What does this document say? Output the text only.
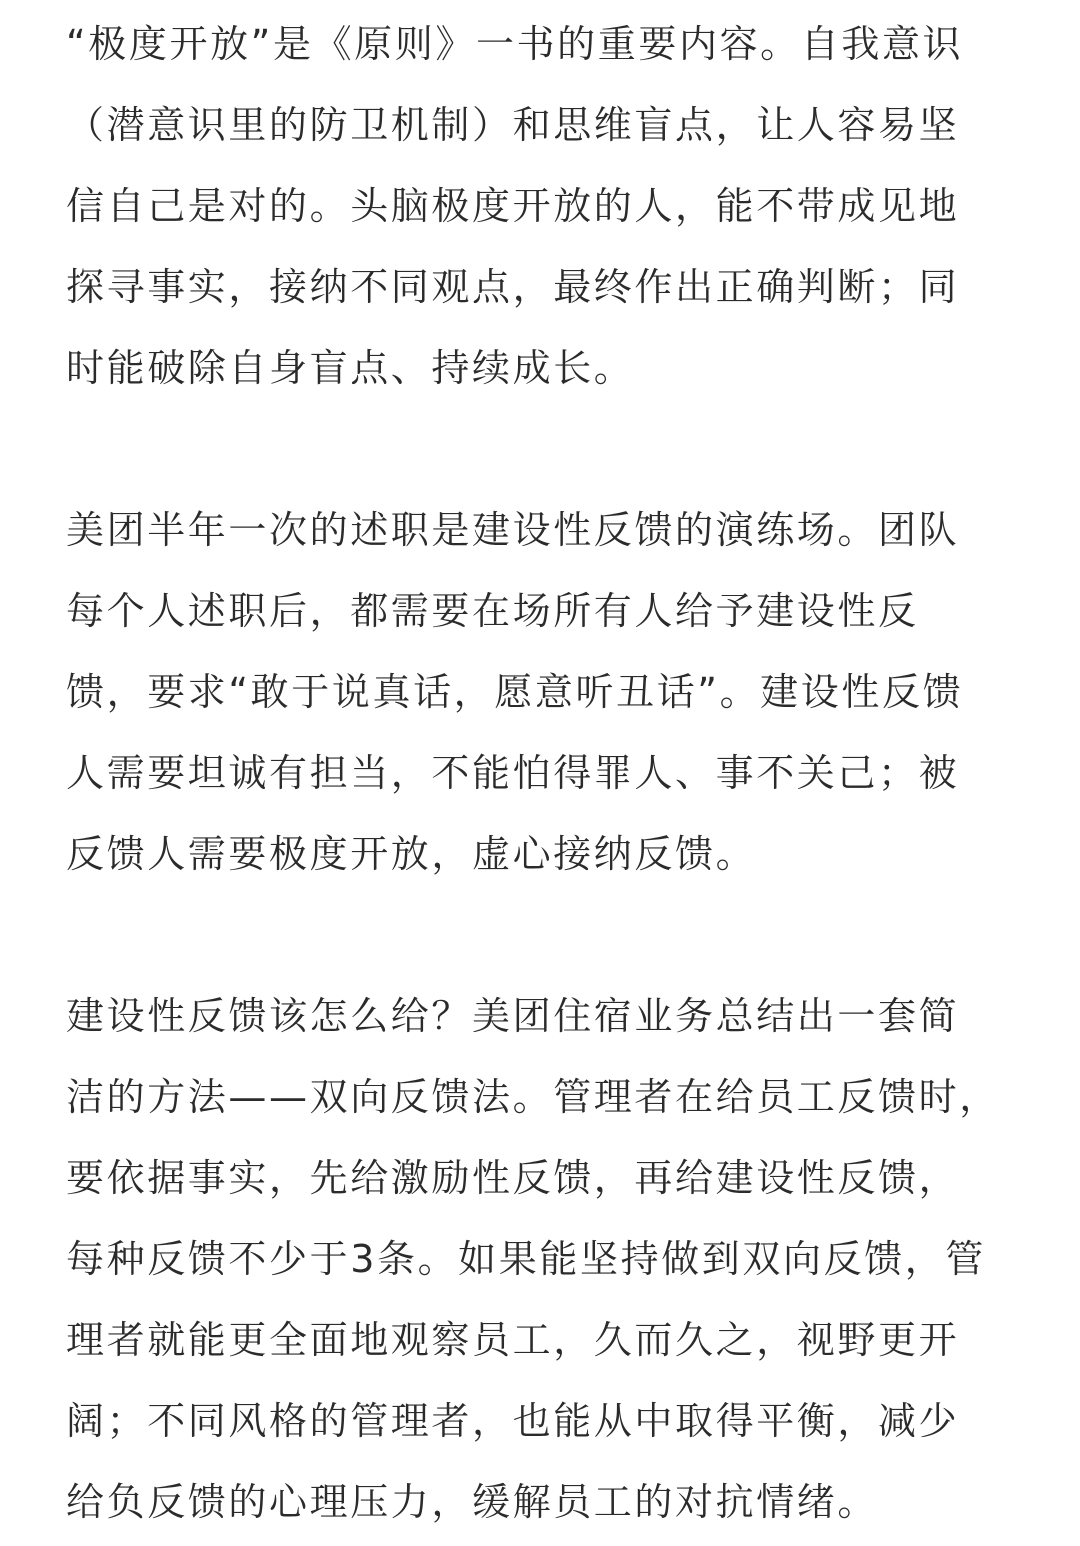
“极度开放”是《原则》一书的重要内容。自我意识
（潜意识里的防卫机制）和思维盲点，让人容易坚
信自己是对的。头脑极度开放的人，能不带成见地
探寻事实，接纳不同观点，最终作出正确判断；同
时能破除自身盲点、持续成长。
美团半年一次的述职是建设性反馈的演练场。团队
每个人述职后，都需要在场所有人给予建设性反
馈，要求“敢于说真话，愿意听丑话”。建设性反馈
人需要坦诚有担当，不能怕得罪人、事不关己；被
反馈人需要极度开放，虚心接纳反馈。
建设性反馈该怎么给？美团住宿业务总结出一套简
洁的方法——双向反馈法。管理者在给员工反馈时，
要依据事实，先给激励性反馈，再给建设性反馈，
每种反馈不少于3条。如果能坚持做到双向反馈，管
理者就能更全面地观察员工，久而久之，视野更开
阔；不同风格的管理者，也能从中取得平衡，减少
给负反馈的心理压力，缓解员工的对抗情绪。
